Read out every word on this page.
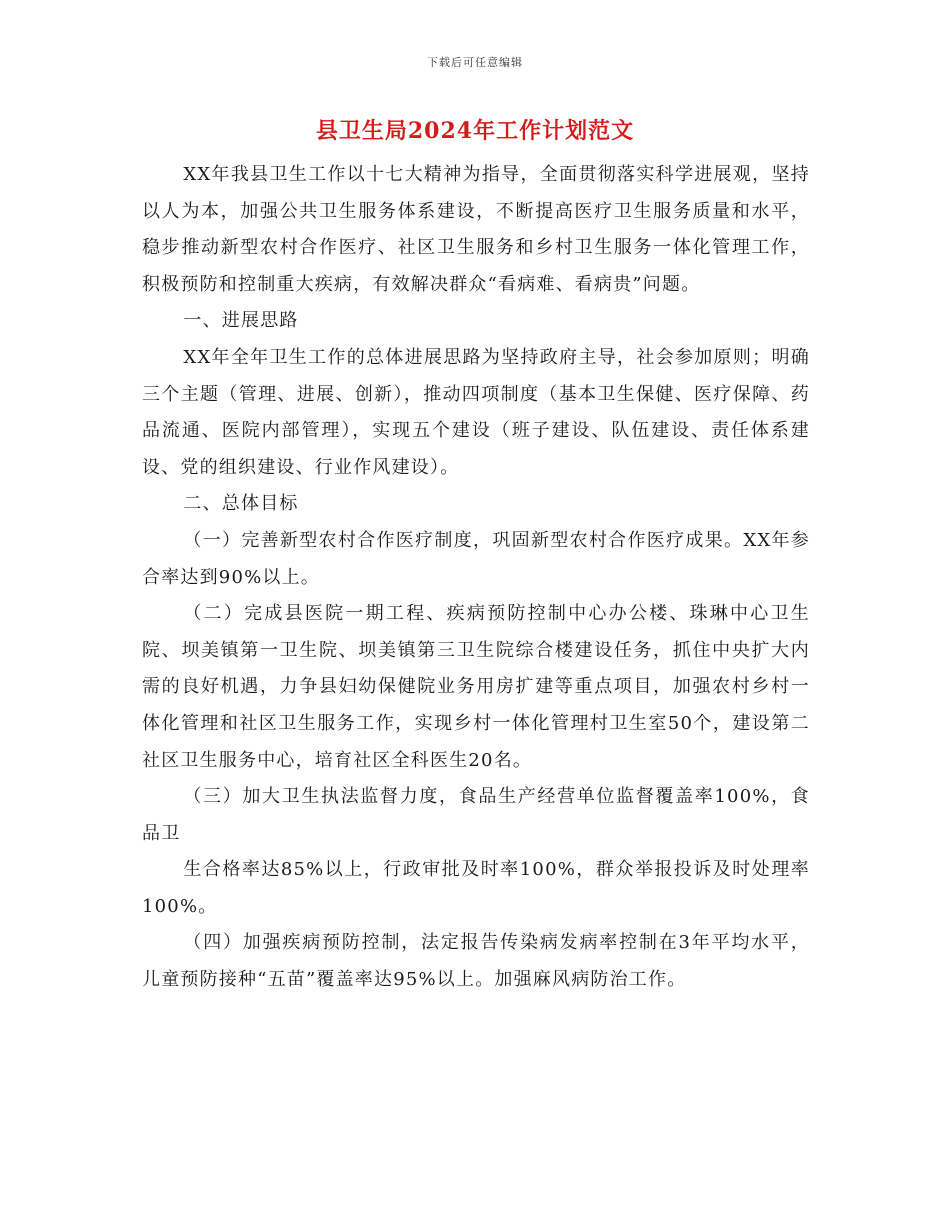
下载后可任意编辑
县卫生局2024年工作计划范文

XX年我县卫生工作以十七大精神为指导，全面贯彻落实科学进展观，坚持以人为本，加强公共卫生服务体系建设，不断提高医疗卫生服务质量和水平，稳步推动新型农村合作医疗、社区卫生服务和乡村卫生服务一体化管理工作，积极预防和控制重大疾病，有效解决群众“看病难、看病贵”问题。

一、进展思路

XX年全年卫生工作的总体进展思路为坚持政府主导，社会参加原则；明确三个主题（管理、进展、创新），推动四项制度（基本卫生保健、医疗保障、药品流通、医院内部管理），实现五个建设（班子建设、队伍建设、责任体系建设、党的组织建设、行业作风建设）。

二、总体目标

（一）完善新型农村合作医疗制度，巩固新型农村合作医疗成果。XX年参合率达到90%以上。

（二）完成县医院一期工程、疾病预防控制中心办公楼、珠琳中心卫生院、坝美镇第一卫生院、坝美镇第三卫生院综合楼建设任务，抓住中央扩大内需的良好机遇，力争县妇幼保健院业务用房扩建等重点项目，加强农村乡村一体化管理和社区卫生服务工作，实现乡村一体化管理村卫生室50个，建设第二社区卫生服务中心，培育社区全科医生20名。

（三）加大卫生执法监督力度，食品生产经营单位监督覆盖率100%，食品卫

生合格率达85%以上，行政审批及时率100%，群众举报投诉及时处理率100%。

（四）加强疾病预防控制，法定报告传染病发病率控制在3年平均水平，儿童预防接种“五苗”覆盖率达95%以上。加强麻风病防治工作。
